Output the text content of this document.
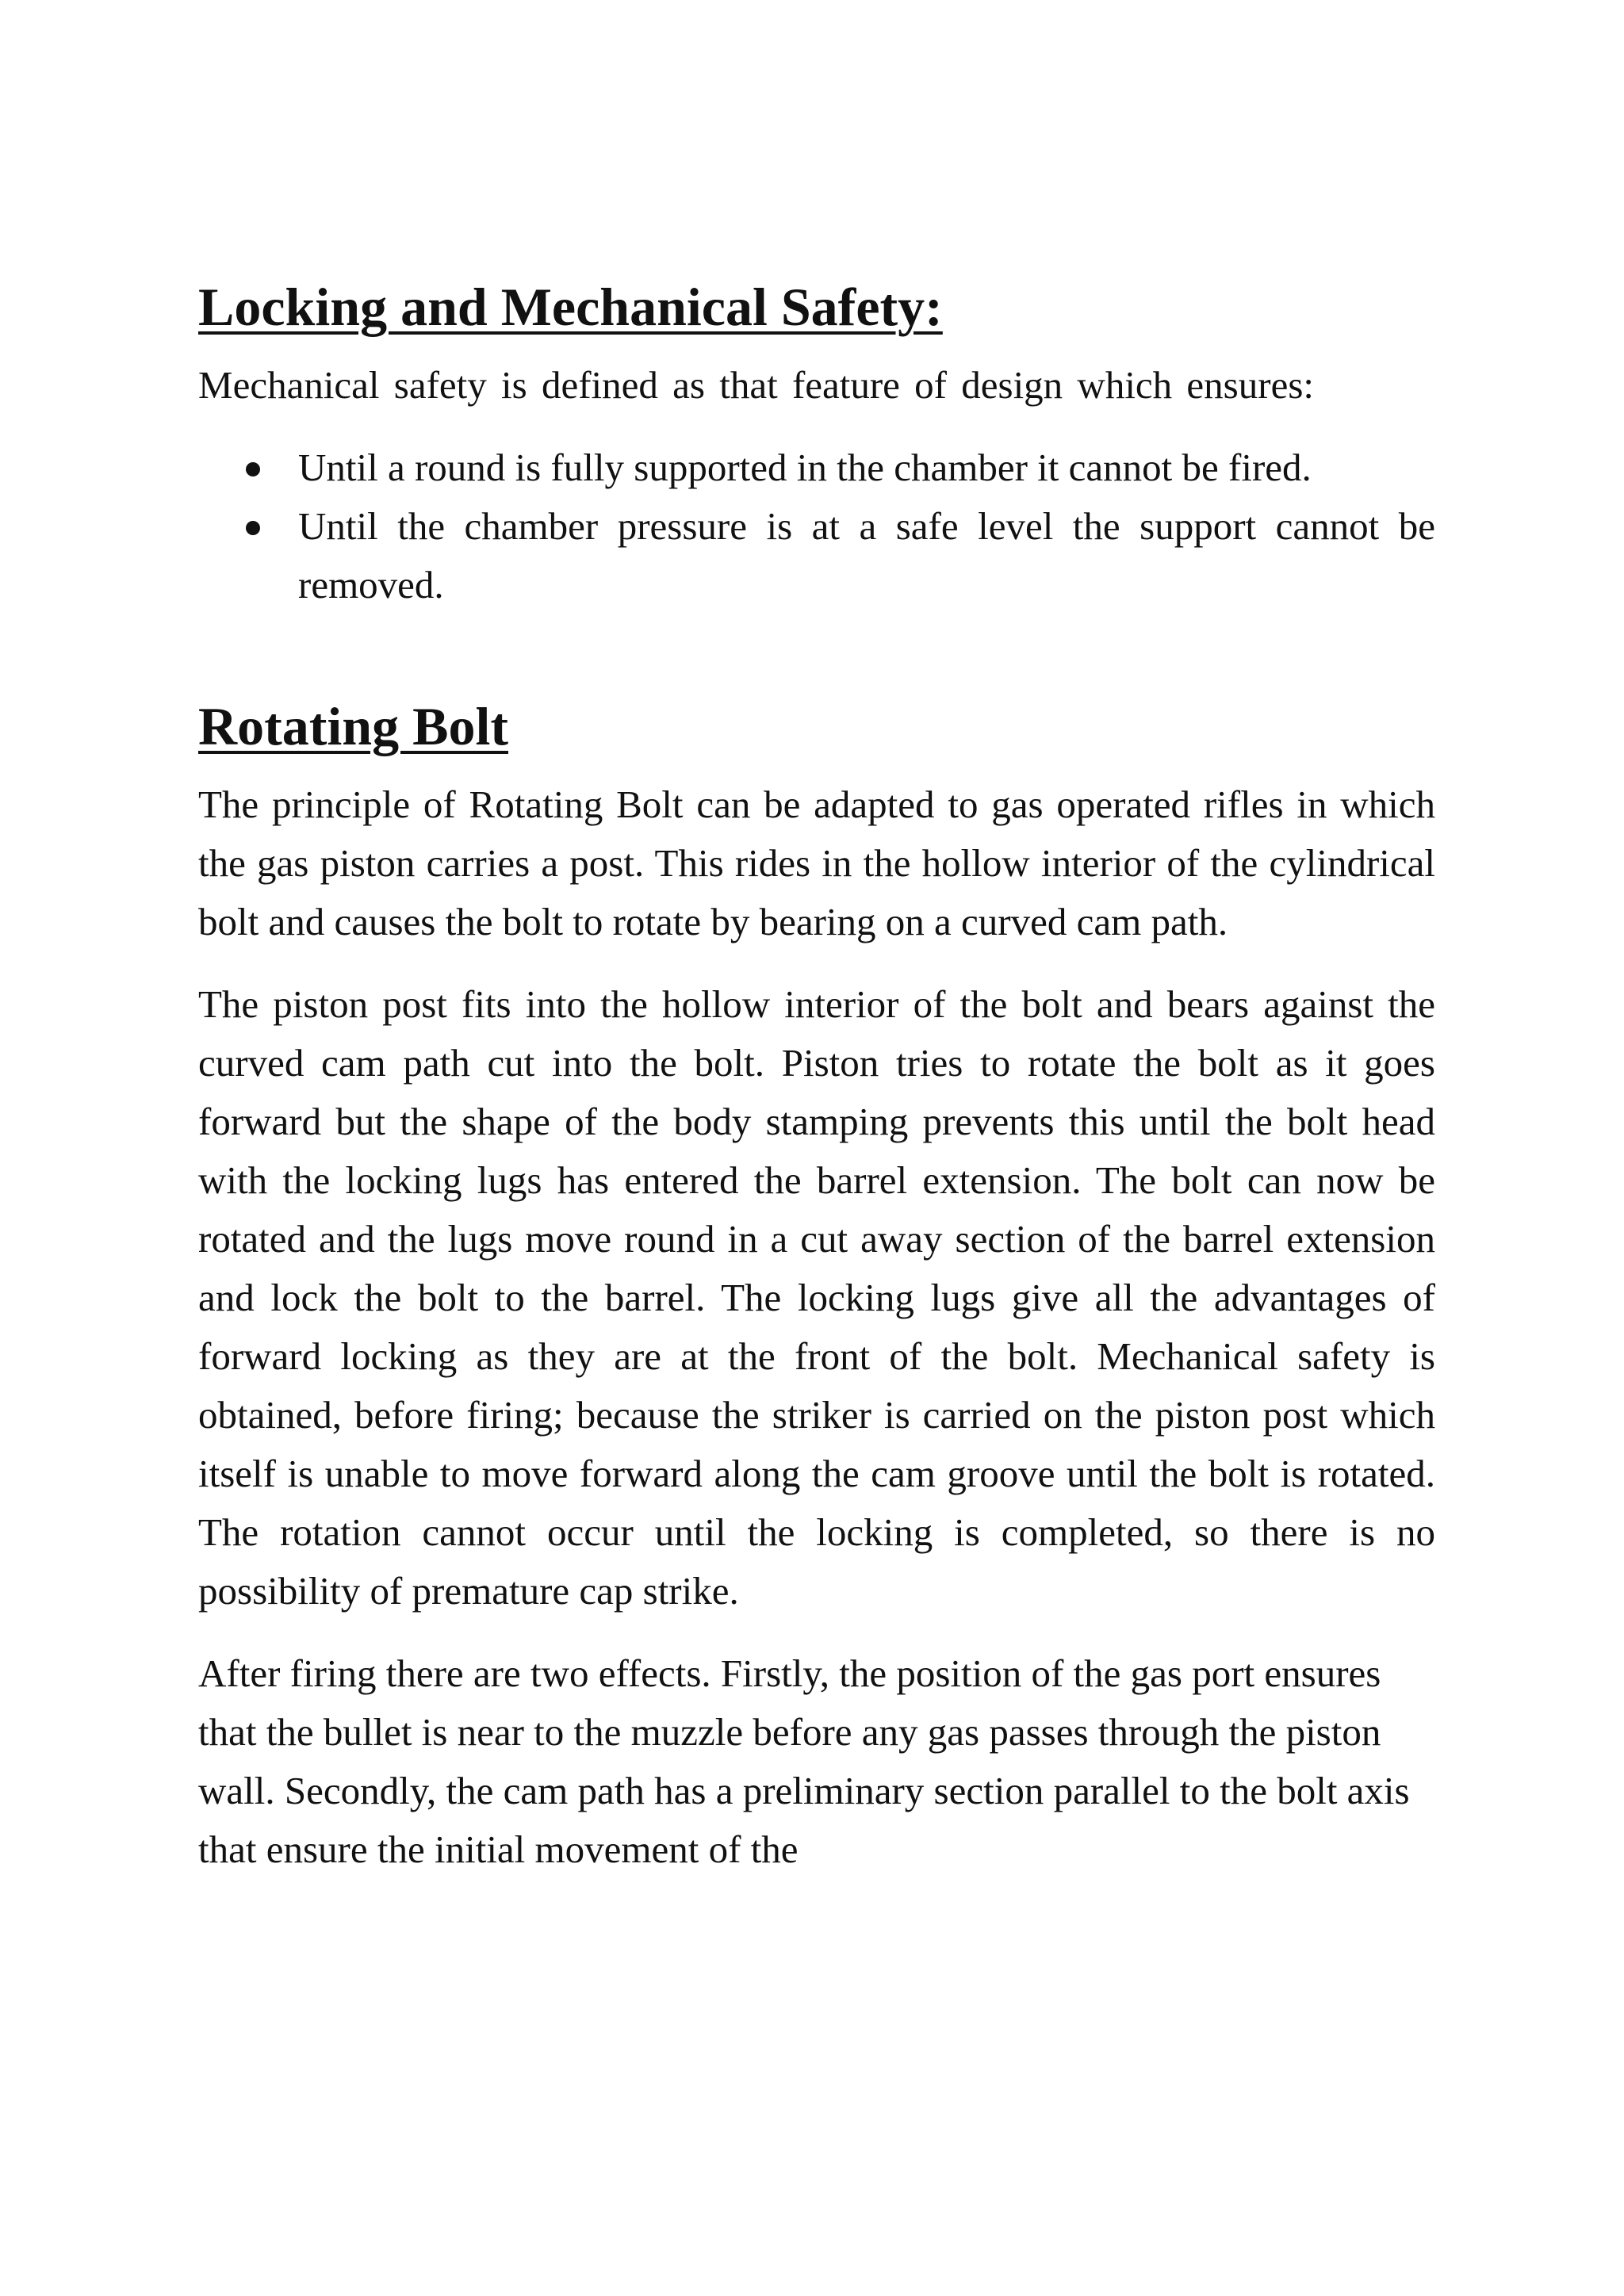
Locking and Mechanical Safety:

Mechanical safety is defined as that feature of design which ensures:

Until a round is fully supported in the chamber it cannot be fired.
Until the chamber pressure is at a safe level the support cannot be removed.
Rotating Bolt

The principle of Rotating Bolt can be adapted to gas operated rifles in which the gas piston carries a post. This rides in the hollow interior of the cylindrical bolt and causes the bolt to rotate by bearing on a curved cam path.

The piston post fits into the hollow interior of the bolt and bears against the curved cam path cut into the bolt. Piston tries to rotate the bolt as it goes forward but the shape of the body stamping prevents this until the bolt head with the locking lugs has entered the barrel extension. The bolt can now be rotated and the lugs move round in a cut away section of the barrel extension and lock the bolt to the barrel. The locking lugs give all the advantages of forward locking as they are at the front of the bolt. Mechanical safety is obtained, before firing; because the striker is carried on the piston post which itself is unable to move forward along the cam groove until the bolt is rotated. The rotation cannot occur until the locking is completed, so there is no possibility of premature cap strike.

After firing there are two effects. Firstly, the position of the gas port ensures that the bullet is near to the muzzle before any gas passes through the piston wall. Secondly, the cam path has a preliminary section parallel to the bolt axis that ensure the initial movement of the
